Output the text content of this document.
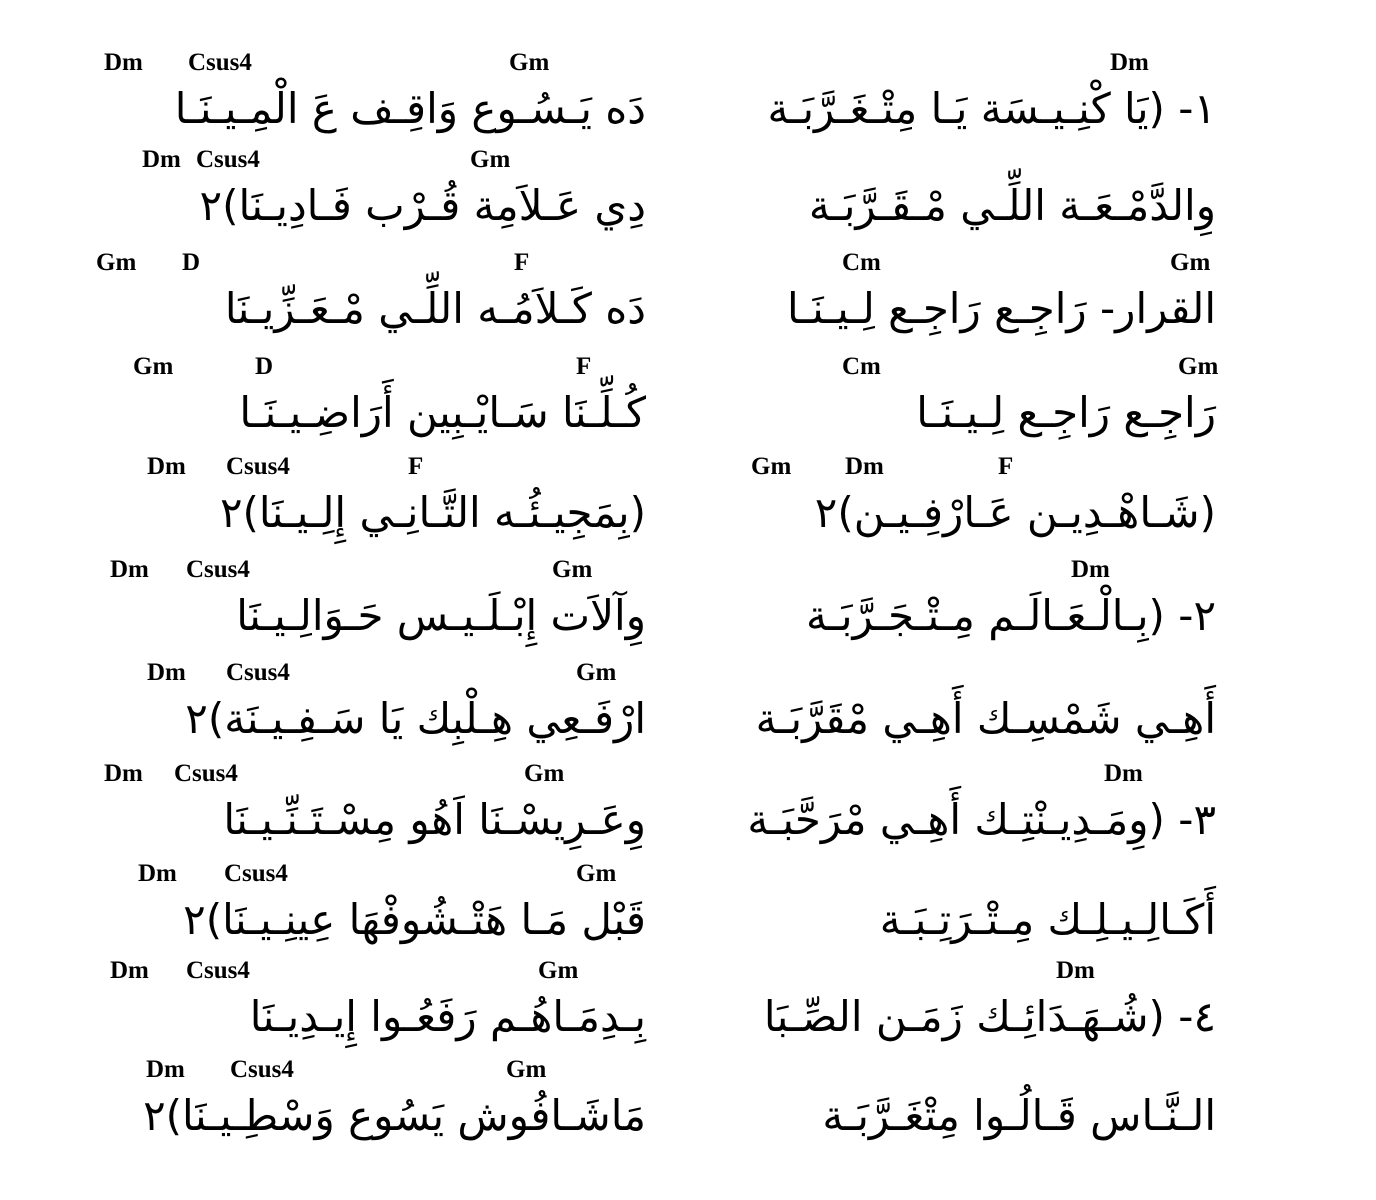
Dm Csus4	Gm	Dm
دَه يَـسُـوع وَاقِـف عَ الْمِـيـنَـا	١- (يَا كْنِـيـسَة يَـا مِتْـغَـرَّبَـة
Dm Csus4	Gm
دِي عَـلاَمِة قُـرْب فَـادِيـنَا)٢	وِالدَّمْـعَـة اللِّـي مْـقَـرَّبَـة
Gm D	F	Cm	Gm
دَه كَـلاَمُـه اللِّـي مْـعَـزِّيـنَا	القرار- رَاجِـع رَاجِـع لِـيـنَـا
Gm	D	F	Cm	Gm
كُـلِّـنَا سَـايْـبِين أَرَاضِـيـنَـا	رَاجِـع رَاجِـع لِـيـنَـا
Dm Csus4	F	Gm Dm	F
(بِمَجِيـئُـه التَّـانِـي إِلِـيـنَا)٢	(شَـاهْـدِيـن عَـارْفِـيـن)٢
Dm Csus4	Gm	Dm
وِآلاَت إِبْـلَـيـس حَـوَالِـيـنَا	٢- (بِـالْـعَـالَـم مِـتْـجَـرَّبَـة
Dm Csus4	Gm
ارْفَـعِي هِـلْبِك يَا سَـفِـيـنَة)٢	أَهِـي شَمْسِـك أَهِـي مْقَرَّبَـة
Dm Csus4	Gm	Dm
وِعَـرِيسْـنَا اَهُو مِسْـتَـنِّـيـنَا	٣- (وِمَـدِيـنْتِـك أَهِـي مْرَحَّبَـة
Dm Csus4	Gm
قَبْل مَـا هَتْـشُوفْهَا عِينِـيـنَا)٢	أَكَـالِـيـلِـك مِـتْـرَتِـبَـة
Dm Csus4	Gm	Dm
بِـدِمَـاهُـم رَفَعُـوا إِيـدِيـنَا	٤- (شُـهَـدَائِـك زَمَـن الصِّـبَا
Dm Csus4	Gm
مَاشَـافُوش يَسُوع وَسْطِـيـنَا)٢	الـنَّـاس قَـالُـوا مِتْغَـرَّبَـة
